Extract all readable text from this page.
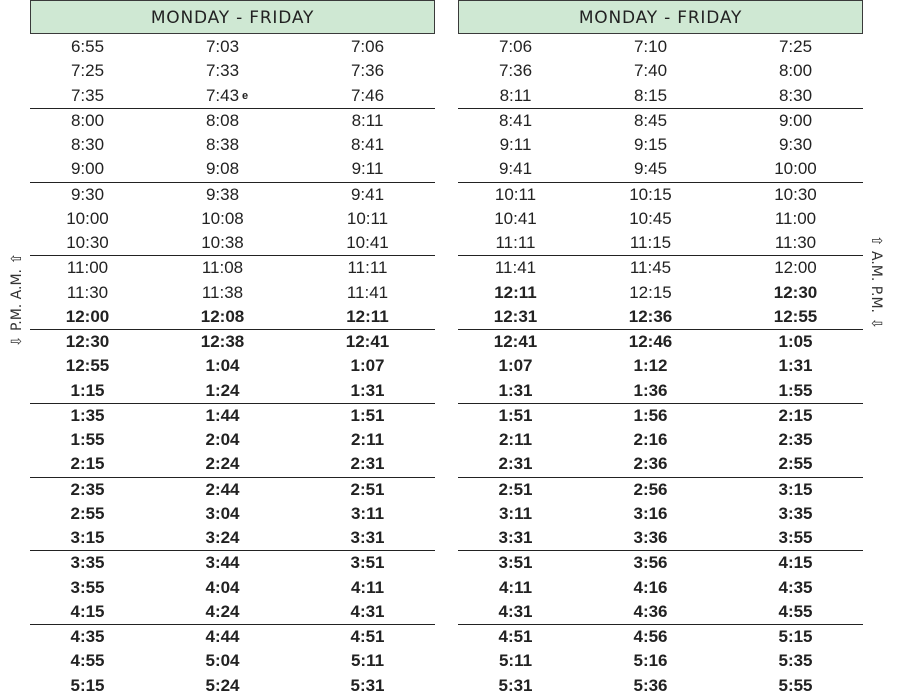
MONDAY - FRIDAY
6:55	7:03	7:06
7:25	7:33	7:36
7:35	7:43 e	7:46
8:00	8:08	8:11
8:30	8:38	8:41
9:00	9:08	9:11
9:30	9:38	9:41
10:00	10:08	10:11
10:30	10:38	10:41
11:00	11:08	11:11
11:30	11:38	11:41
12:00	12:08	12:11
12:30	12:38	12:41
12:55	1:04	1:07
1:15	1:24	1:31
1:35	1:44	1:51
1:55	2:04	2:11
2:15	2:24	2:31
2:35	2:44	2:51
2:55	3:04	3:11
3:15	3:24	3:31
3:35	3:44	3:51
3:55	4:04	4:11
4:15	4:24	4:31
4:35	4:44	4:51
4:55	5:04	5:11
5:15	5:24	5:31
MONDAY - FRIDAY
7:06	7:10	7:25
7:36	7:40	8:00
8:11	8:15	8:30
8:41	8:45	9:00
9:11	9:15	9:30
9:41	9:45	10:00
10:11	10:15	10:30
10:41	10:45	11:00
11:11	11:15	11:30
11:41	11:45	12:00
12:11	12:15	12:30
12:31	12:36	12:55
12:41	12:46	1:05
1:07	1:12	1:31
1:31	1:36	1:55
1:51	1:56	2:15
2:11	2:16	2:35
2:31	2:36	2:55
2:51	2:56	3:15
3:11	3:16	3:35
3:31	3:36	3:55
3:51	3:56	4:15
4:11	4:16	4:35
4:31	4:36	4:55
4:51	4:56	5:15
5:11	5:16	5:35
5:31	5:36	5:55
⇩ P.M. A.M. ⇧	⇧ A.M. P.M. ⇩
